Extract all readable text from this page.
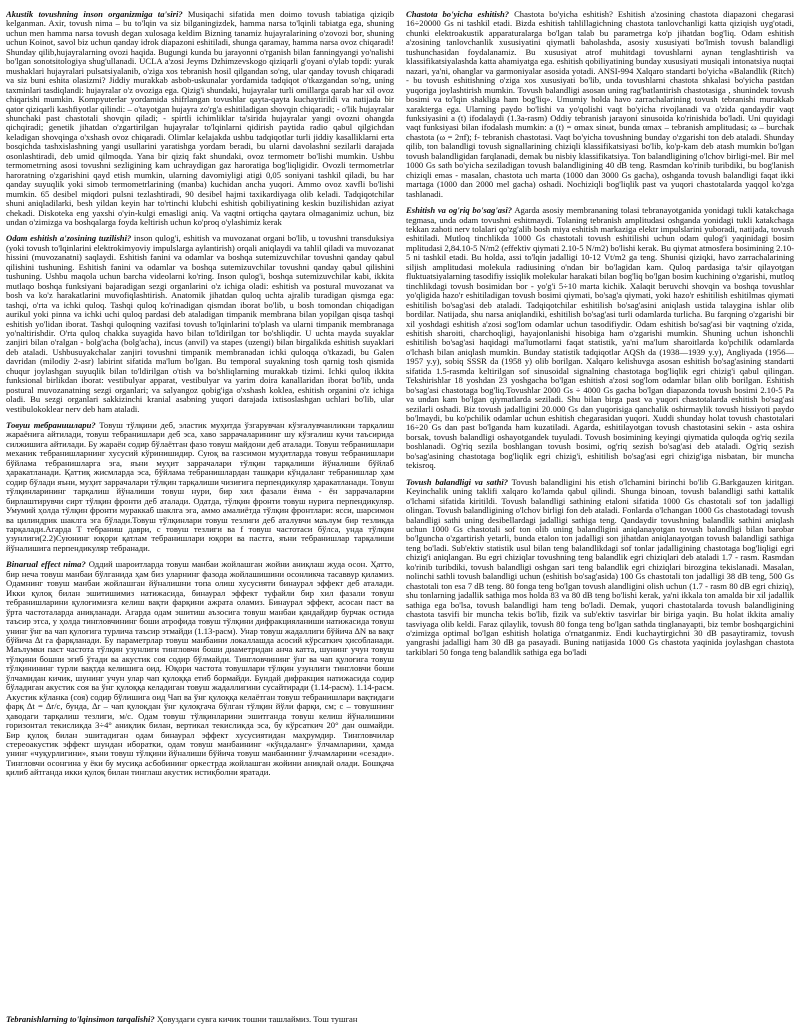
Akustik tovushning inson organizmiga ta'siri? Musiqachi sifatida men doimo tovush tabiatiga qiziqib kelganman. Axir, tovush nima – bu to'lqin va siz bilganingizdek, hamma narsa to'lqinli tabiatga ega, shuning uchun men hamma narsa tovush degan xulosaga keldim Bizning tanamiz hujayralarining o'zovozi bor, shuning uchun Koinot, savol biz uchun qanday idrok diapazoni eshitiladi, shunga qaramay, hamma narsa ovoz chiqaradi! Shunday qilib,hujayralarning ovozi haqida. Bugungi kunda bu jarayonni o'rganish bilan fanningyangi yo'nalishi bo'lgan sonotsitologiya shug'ullanadi. UCLA a'zosi Jeyms Dzhimzevskogo qiziqarli g'oyani o'ylab topdi: yurak mushaklari hujayralari pulsatsiyalanib, o'ziga xos tebranish hosil qilgandan so'ng, ular qanday tovush chiqaradi va siz buni eshita olasizmi? Jiddiy murakkab asbob-uskunalar yordamida tadqiqot o'tkazgandan so'ng, uning taxminlari tasdiqlandi: hujayralar o'z ovoziga ega. Qizig'i shundaki, hujayralar turli omillarga qarab har xil ovoz chiqarishi mumkin. Kompyuterlar yordamida shifrlangan tovushlar qayta-qayta kuchaytirildi va natijada bir qator qiziqarli kashfiyotlar qilindi: – o'tayotgan hujayra zo'rg'a eshitiladigan shovqin chiqaradi; - o'lik hujayralar shunchaki past chastotali shovqin qiladi; - spirtli ichimliklar ta'sirida hujayralar yangi ovozni ohangda qichqiradi; genetik jihatdan o'zgartirilgan hujayralar to'lqinlarni qidirish paytida radio qabul qilgichdan keladigan shovqinga o'xshash ovoz chiqaradi. Olimlar kelajakda ushbu tadqiqotlar turli jiddiy kasalliklarni erta bosqichda tashxislashning yangi usullarini yaratishga yordam beradi, bu ularni davolashni sezilarli darajada osonlashtiradi, deb umid qilmoqda. Yana bir qiziq fakt shundaki, ovoz termometr bo'lishi mumkin. Ushbu termometrning asosi tovushni sezligining kam uchraydigan gaz haroratiga bog'liqligidir. Ovozli termometrlar haroratning o'zgarishini qayd etish mumkin, ularning davomiyligi atigi 0,05 soniyani tashkil qiladi, bu har qanday suyuqlik yoki simob termometrlarining (manba) kuchidan ancha yuqori. Ammo ovoz xavfli bo'lishi mumkin. 65 desibel miqdori pulsni tezlashtiradi, 90 desibel hajmi taxikardiyaga olib keladi. Tadqiqotchilar shuni aniqladilarki, besh yildan keyin har to'rtinchi klubchi eshitish qobiliyatining keskin buzilishidan aziyat chekadi. Diskoteka eng yaxshi o'yin-kulgi emasligi aniq. Va vaqtni ortiqcha qaytara olmaganimiz uchun, biz undan o'zimizga va boshqalarga foyda keltirish uchun ko'proq o'ylashimiz kerak

Odam eshitish a'zosining tuzilishi? inson qulog'i, eshitish va muvozanat organi bo'lib, u tovushni transduksiya (yoki tovush to'lqinlarini elektrokimyoviy impulslarga aylantirish) orqali aniqlaydi va tahlil qiladi va muvozanat hissini (muvozanatni) saqlaydi. Eshitish fanini va odamlar va boshqa sutemizuvchilar tovushni qanday qabul qilishini tushuning. Eshitish fanini va odamlar va boshqa sutemizuvchilar tovushni qanday qabul qilishini tushuning. Ushbu maqola uchun barcha videolarni ko'ring. Inson qulog'i, boshqa sutemizuvchilar kabi, ikkita mutlaqo boshqa funksiyani bajaradigan sezgi organlarini o'z ichiga oladi: eshitish va postural muvozanat va bosh va ko'z harakatlarini muvofiqlashtirish. Anatomik jihatdan quloq uchta ajralib turadigan qismga ega: tashqi, o'rta va ichki quloq. Tashqi quloq ko'rinadigan qismdan iborat bo'lib, u bosh tomondan chiqadigan aurikul yoki pinna va ichki uchi quloq pardasi deb ataladigan timpanik membrana bilan yopilgan qisqa tashqi eshitish yo'lidan iborat. Tashqi quloqning vazifasi tovush to'lqinlarini to'plash va ularni timpanik membranaga yo'naltirishdir. O'rta quloq chakka suyagida havo bilan to'ldirilgan tor bo'shliqdir. U uchta mayda suyaklar zanjiri bilan o'ralgan - bolg'acha (bolg'acha), incus (anvil) va stapes (uzengi) bilan birgalikda eshitish suyaklari deb ataladi. Ushbusuyakchalar zanjiri tovushni timpanik membranadan ichki quloqqa o'tkazadi, bu Galen davridan (milodiy 2-asr) labirint sifatida ma'lum bo'lgan. Bu temporal suyakning tosh qarnig tosh qismida chuqur joylashgan suyuqlik bilan to'ldirilgan o'tish va bo'shliqlarning murakkab tizimi. Ichki quloq ikkita funksional birlikdan iborat: vestibulyar apparat, vestibulyar va yarim doira kanallaridan iborat bo'lib, unda postural muvozanatning sezgi organlari; va salyangoz qobig'iga o'xshash koklea, eshitish organini o'z ichiga oladi. Bu sezgi organlari sakkizinchi kranial asabning yuqori darajada ixtisoslashgan uchlari bo'lib, ular vestibulokoklear nerv deb ham ataladi.

Товуш тебранишлари? Товуш тўлқини деб, эластик муҳитда ўзгарувчан кўзғалувчанликни тарқалиш жараёнига айтилади, товуш тебранишлари деб эса, хавo заррачаларининг шу кўзғалиш кучи таъсирида силжишига айтилади. Бу жараён содир бўлаётган фазо товуш майдони деб аталади. Товуш тебранишлари механик тебранишларнинг хусусий кўринишидир. Суюқ ва газсимон муҳитларда товуш тебранишлари бўйлама тебранишларга эга, яъни муҳит заррачалари тўлқин тарқалиши йўналиши бўйлаб ҳаракатланади. Қаттиқ жисмларда эса, бўйлама тебранишлардан ташқари кўндаланг тебранишлар ҳам содир бўлади яъни, муҳит заррачалари тўлқин тарқалиши чизиғига перпендикуляр ҳаракатланади. Товуш тўлқинларининг тарқалиш йўналиши товуш нури, бир хил фазали ёнма - ён заррачаларни бирлаштирувчи сирт тўлқин фронти деб аталади. Одатда, тўлқин фронти товуш нурига перпендикуляр. Умумий ҳолда тўлқин фронти мураккаб шаклга эга, аммо амалиётда тўлқин фронтлари: ясси, шарсимон ва цилиндрик шаклга эга бўлади.Товуш тўлқинлари товуш тезлиги деб аталувчи маълум бир тезликда тарқалади.Агарда T тебраниш даври, c товуш тезлиги ва f товуш частотаси бўлса, унда тўлқин узунлиги(2.2)Суюнинг юқори қатлам тебранишлари юқори ва пастга, яъни тебранишлар тарқалиши йўналишига перпендикуляр тебранади.

Binarual effect nima? Оддий шароитларда товуш манбаи жойлашган жойни аниқлаш жуда осон. Ҳатто, бир неча товуш манбаи бўлганида ҳам биз уларнинг фазода жойлашишини осонликча тасаввур қиламиз. Одамнинг товуш манбаи жойлашган йўналишни топа олиш хусусияти бинаурал эффект деб аталади. Икки қулоқ билан эшитишимиз натижасида, бинаурал эффект туфайли бир хил фазали товуш тебранишларини қулоғимизга келиш вақти фарқини ажрата оламиз. Бинаурал эффект, асосан паст ва ўрта частоталарда аниқланади. Агарда одам эшитиш аъзосига товуш манбаи қандайдир бурчак остида таъсир этса, у ҳолда тингловчининг бoши атрофида товуш тўлқини дифракцияланиши натижасида товуш унинг ўнг ва чап қулоғига турлича таъсир этмайди (1.13-расм). Унар товуш жадаллиги бўйича ∆N ва вақт бўйича ∆t га фарқланади. Бу параметрлар товуш манбаини локаллашда асосий кўрсаткич ҳисобланади. Маълумки паст частота тўлқин узунлиги тингловчи боши диаметридан анча катта, шунинг учун товуш тўлқини бошни эгиб ўтади ва акустик соя содир бўлмайди. Тингловчининг ўнг ва чап қулоғига товуш тўлқинининг турли вақтда келишига оид. Юқори частота товушлари тўлқин узунлиги тингловчи боши ўлчамидан кичик, шунинг учун улар чап қулоққа етиб бормайди. Бундай дифракция натижасида содир бўладиган акустик соя ва ўнг қулоққа келадиган товуш жадаллигини сусайтиради (1.14-расм). 1.14-расм. Акустик кўланка (соя) содир бўлишига оид Чап ва ўнг қулоққа келаётган товуш тебранишлари вақтидаги фарқ ∆t = ∆r/c, бунда, ∆r – чап қулоқдан ўнг қулоқгача бўлган тўлқин йўли фарқи, см; c – товушнинг ҳаводаги тарқалиш тезлиги, м/с. Одам товуш тўлқинларини эшитганда товуш келиш йўналишини горизонтал текисликда 3÷4° аниқлик билан, вертикал текисликда эса, бу кўрсаткич 20° дан ошмайди. Бир қулоқ билан эшитадиган одам бинаурал эффект хусусиятидан маҳрумдир. Тингловчилар стереоакустик эффект шундан иборатки, одам товуш манбаининг «кўндаланг» ўлчамларини, ҳамда унинг «чуқурлигини», яъни товуш тўлқини йўналиши бўйича товуш манбаининг ўлчамларини «сезади». Тингловчи осонгина у ёки бу мусиқа асбобининг оркестрда жойлашган жойини аниқлай олади. Бошқача қилиб айтганда икки қулоқ билан тинглаш акустик истиқболни яратади.

Chastota bo'yicha eshitish? Chastota bo'yicha eshitish? Eshitish a'zosining chastota diapazoni chegarasi 16÷20000 Gs ni tashkil etadi. Bizda eshitish tahlillagichning chastota tanlovchanligi katta qiziqish uyg'otadi, chunki elektroakustik apparaturalarga bo'lgan talab bu parametrga ko'p jihatdan bog'liq. Odam eshitish a'zosining tanlovchanlik xususiyatini qiymatli baholashda, asosiy xususiyati bo'lmish tovush balandligi tushunchasidan foydalanamiz. Bu xususiyat atrof muhitdagi tovushlarni aynan tenglashtirish va klassifikatsiyalashda katta ahamiyatga ega. eshitish qobiliyatining bunday xususiyati musiqali intonatsiya nuqtai nazari, ya'ni, ohanglar va garmoniyalar asosida yotadi. ANSI-994 Xalqaro standarti bo'yicha «Balandlik (Ritch) - bu tovush eshitishning o'ziga xos xususiyati bo'lib, unda tovushlarni chastota shkalasi bo'yicha pastdan yuqoriga joylashtirish mumkin. Tovush balandligi asosan uning rag'batlantirish chastotasiga , shunindek tovush bosimi va to'lqin shakliga ham bog'liq». Umumiy holda havo zarrachalarining tovush tebranishi murakkab xarakterga ega. Ularning paydo bo'lishi va yo'qolishi vaqt bo'yicha rivojlanadi va o'zida qandaydir vaqt funksiyasini a (t) ifodalaydi (1.3a-rasm) Oddiy tebranish jarayoni sinusoida ko'rinishida bo'ladi. Uni quyidagi vaqt funksiyasi bilan ifodalash mumkin: a (t) = αmax sinωt, bunda αmax – tebranish amplitudasi; ω – burchak chastota (ω = 2πf); f- tebranish chastotasi. Vaqt bo'yicha tovushning bunday o'zgarishi ton deb ataladi. Shunday qilib, ton balandligi tovush signallarining chiziqli klassifikatsiyasi bo'lib, ko'p-kam deb atash mumkin bo'lgan tovush balandligidan farqlanadi, demak bu nisbiy klassifikatsiya. Ton balandligining o'lchov birligi-mel. Bir mel 1000 Gs sath bo'yicha seziladigan tovush balandligining 40 dB teng. Rasmdan ko'rinib turibdiki, bu bog'lanish chiziqli emas - masalan, chastota uch marta (1000 dan 3000 Gs gacha), oshganda tovush balandligi faqat ikki martaga (1000 dan 2000 mel gacha) oshadi. Nochiziqli bog'liqlik past va yuqori chastotalarda yaqqol ko'zga tashlanadi.

Eshitish va og'riq bo'sag'asi? Agarda asosiy membrananing tolasi tebranayotganida yonidagi tukli katakchaga tegmasa, unda odam tovushni eshitmaydi. Tolaning tebranish amplitudasi oshganda yonidagi tukli katakchaga tekkan zahoti nerv tolalari qo'zg'alib bosh miya eshitish markaziga elektr impulslarini yuboradi, natijada, tovush eshitiladi. Mutloq tinchlikda 1000 Gs chastotali tovush eshitilishi uchun odam qulog'i yaqinidagi bosim mplitudasi 2,84.10-5 N/m2 (effektiv qiymati 2.10-5 N/m2) bo'lishi kerak. Bu qiymat atmosfera bosimining 2.10-5 ni tashkil etadi. Bu holda, assi to'lqin jadalligi 10-12 Vt/m2 ga teng. Shunisi qiziqki, havo zarrachalarining siljish amplitudasi molekula radiusining o'ndan bir bo'lagidan kam. Quloq pardasiga ta'sir qilayotgan fluktuatsiyalarning tasodifiy issiqlik molekular harakati bilan bog'liq bo'lgan bosim kuchining o'zgarishi, mutloq tinchlikdagi tovush bosimidan bor - yo'g'i 5÷10 marta kichik. Xalaqit beruvchi shovqin va boshqa tovushlar yo'qligida hazo'r eshitiladigan tovush bosimi qiymati, bo'sag'a qiymati, yoki hazo'r eshitilish eshitilmas qiymati eshitilish bo'sag'asi deb ataladi. Tadqiqotchilar eshitilish bo'sag'asini aniqlash ustida talaygina ishlar olib bordilar. Natijada, shu narsa aniqlandiki, eshitilish bo'sag'asi turli odamlarda turlicha. Bu farqning o'zgarishi bir xil yoshdagi eshitish a'zosi sog'lom odamlar uchun tasodifiydir. Odam eshitish bo'sag'asi bir vaqtning o'zida, eshitish sharoiti, charchoqligi, hayajonlanishi hisobiga ham o'zgarishi mumkin. Shuning uchun ishonchli eshitilish bo'sag'asi haqidagi ma'lumotlarni faqat statistik, ya'ni ma'lum sharoitlarda ko'pchilik odamlarda o'lchash bilan aniqlash mumkin. Bunday statistik tadqiqotlar AQSh da (1938—1939 y.y), Angliyada (1956—1957 y.y), sobiq SSSR da (1958 y) olib borilgan. Xalqaro kelishuvga asosan eshitish bo'sag'asining standarti sifatida 1.5-rasmda keltirilgan sof sinusoidal signalning chastotaga bog'liqlik egri chizig'i qabul qilingan. Tekshirishlar 18 yoshdan 23 yoshgacha bo'lgan eshitish a'zosi sog'lom odamlar bilan olib borilgan. Eshitish bo'sag'asi chastotaga bog'liq.Tovushlar 2000 Gs ÷ 4000 Gs gacha bo'lgan diapazonda tovush bosimi 2.10-5 Pa va undan kam bo'lgan qiymatlarda seziladi. Shu bilan birga past va yuqori chastotalarda eshitish bo'sag'asi sezilarli oshadi. Biz tovush jadalligini 20.000 Gs dan yuqorisiga qanchalik oshirmaylik tovush hissiyoti paydo bo'lmaydi, bu ko'pchilik odamlar uchun eshitish chegarasidan yuqori. Xuddi shunday holat tovush chastotalari 16÷20 Gs dan past bo'lganda ham kuzatiladi. Agarda, eshitilayotgan tovush chastotasini sekin - asta oshira borsak, tovush balandligi oshayotgandek tuyuladi. Tovush bosimining keyingi qiymatida qulоqda og'riq sezila boshlanadi. Og'riq sezila boshlangan tovush bosimi, og'riq sezish bo'sag'asi deb ataladi. Og'riq sezish bo'sag'asining chastotaga bog'liqlik egri chizig'i, eshitilish bo'sag'asi egri chizig'iga nisbatan, bir muncha tekisroq.

Tovush balandligi va sathi? Tovush balandligini his etish o'lchamini birinchi bo'lib G.Barkgauzen kiritgan. Keyinchalik uning taklifi xalqaro ko'lamda qabul qilindi. Shunga binoan, tovush balandligi sathi kattalik o'lchami sifatida kiritildi. Tovush balandligi sathining etaloni sifatida 1000 Gs chastotali sof ton jadalligi olingan. Tovush balandligining o'lchov birligi fon deb ataladi. Fonlarda o'lchangan 1000 Gs chastotadagi tovush balandligi sathi uning desibellardagi jadalligi sathiga teng. Qandaydir tovushning balandlik sathini aniqlash uchun 1000 Gs chastotali sof ton olib uning balandligini aniqlanayotgan tovush balandligi bilan barobar bo'lguncha o'zgartirish yetarli, bunda etalon ton jadalligi son jihatdan aniqlanayotgan tovush balandligi sathiga teng bo'ladi. Sub'ektiv statistik usul bilan teng balandlikdagi sof tonlar jadalligining chastotaga bog'liqligi egri chizig'i aniqlangan. Bu egri chiziqlar tovushning teng balandlik egri chiziqlari deb ataladi 1.7 - rasm. Rasmdan ko'rinib turibdiki, tovush balandligi oshgan sari teng balandlik egri chiziqlari birozgina tekislanadi. Masalan, nolinchi sathli tovush balandligi uchun (eshitish bo'sag'asida) 100 Gs chastotali ton jadalligi 38 dB teng, 500 Gs chastotali ton esa 7 dB teng. 80 fonga teng bo'lgan tovush alandligini olish uchun (1.7 - rasm 80 dB egri chiziq), shu tonlarning jadallik sathiga mos holda 83 va 80 dB teng bo'lishi kerak, ya'ni ikkala ton amalda bir xil jadallik sathiga ega bo'lsa, tovush balandligi ham teng bo'ladi. Demak, yuqori chastotalarda tovush balandligining chastota tasvifi bir muncha tekis bo'lib, fizik va sub'ektiv tasvirlar bir biriga yaqin. Bu holat ikkita amaliy tasviyaga olib keldi. Faraz qilaylik, tovush 80 fonga teng bo'lgan sathda tinglanayapti, biz tembr boshqargichini o'zimizga optimal bo'lgan eshitish holatiga o'rnatganmiz. Endi kuchaytirgichni 30 dB pasaytiramiz, tovush yangrashi jadalligi ham 30 dB ga pasayadi. Buning natijasida 1000 Gs chastota yaqinida joylashgan chastota tarkiblari 50 fonga teng balandlik sathiga ega bo'ladi

Tebranishlarning to'lqinsimon tarqalishi? Ҳовуздаги сувга кичик тошни ташлаймиз. Тош тушган
